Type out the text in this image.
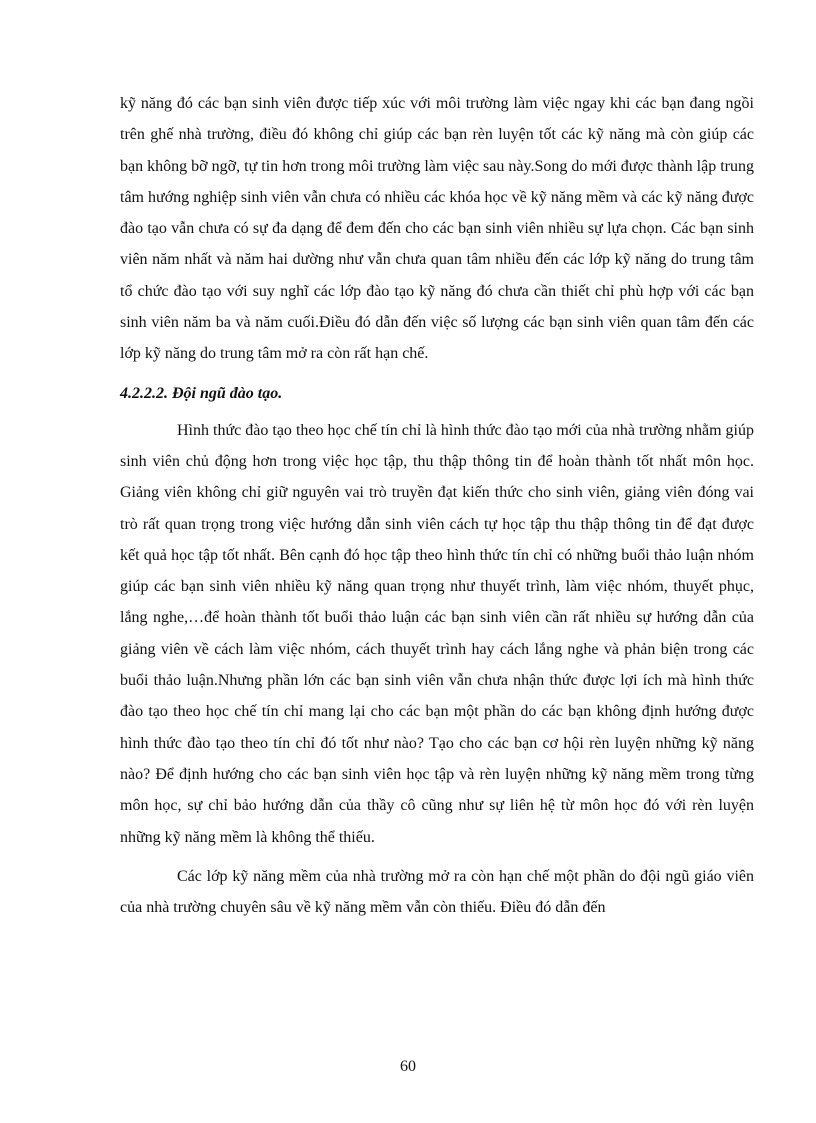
kỹ năng đó các bạn sinh viên được tiếp xúc với môi trường làm việc ngay khi các bạn đang ngồi trên ghế nhà trường, điều đó không chỉ giúp các bạn rèn luyện tốt các kỹ năng mà còn giúp các bạn không bỡ ngỡ, tự tin hơn trong môi trường làm việc sau này.Song do mới được thành lập trung tâm hướng nghiệp sinh viên vẫn chưa có nhiều các khóa học về kỹ năng mềm và các kỹ năng được đào tạo vẫn chưa có sự đa dạng để đem đến cho các bạn sinh viên nhiều sự lựa chọn. Các bạn sinh viên năm nhất và năm hai dường như vẫn chưa quan tâm nhiều đến các lớp kỹ năng do trung tâm tổ chức đào tạo với suy nghĩ các lớp đào tạo kỹ năng đó chưa cần thiết chỉ phù hợp với các bạn sinh viên năm ba và năm cuối.Điều đó dẫn đến việc số lượng các bạn sinh viên quan tâm đến các lớp kỹ năng do trung tâm mở ra còn rất hạn chế.

4.2.2.2. Đội ngũ đào tạo.

Hình thức đào tạo theo học chế tín chỉ là hình thức đào tạo mới của nhà trường nhằm giúp sinh viên chủ động hơn trong việc học tập, thu thập thông tin để hoàn thành tốt nhất môn học. Giảng viên không chỉ giữ nguyên vai trò truyền đạt kiến thức cho sinh viên, giảng viên đóng vai trò rất quan trọng trong việc hướng dẫn sinh viên cách tự học tập thu thập thông tin để đạt được kết quả học tập tốt nhất. Bên cạnh đó học tập theo hình thức tín chỉ có những buổi thảo luận nhóm giúp các bạn sinh viên nhiều kỹ năng quan trọng như thuyết trình, làm việc nhóm, thuyết phục, lắng nghe,…để hoàn thành tốt buổi thảo luận các bạn sinh viên cần rất nhiều sự hướng dẫn của giảng viên về cách làm việc nhóm, cách thuyết trình hay cách lắng nghe và phản biện trong các buổi thảo luận.Nhưng phần lớn các bạn sinh viên vẫn chưa nhận thức được lợi ích mà hình thức đào tạo theo học chế tín chỉ mang lại cho các bạn một phần do các bạn không định hướng được hình thức đào tạo theo tín chỉ đó tốt như nào? Tạo cho các bạn cơ hội rèn luyện những kỹ năng nào? Để định hướng cho các bạn sinh viên học tập và rèn luyện những kỹ năng mềm trong từng môn học, sự chỉ bảo hướng dẫn của thầy cô cũng như sự liên hệ từ môn học đó với rèn luyện những kỹ năng mềm là không thể thiếu.

Các lớp kỹ năng mềm của nhà trường mở ra còn hạn chế một phần do đội ngũ giáo viên của nhà trường chuyên sâu về kỹ năng mềm vẫn còn thiếu. Điều đó dẫn đến

60
